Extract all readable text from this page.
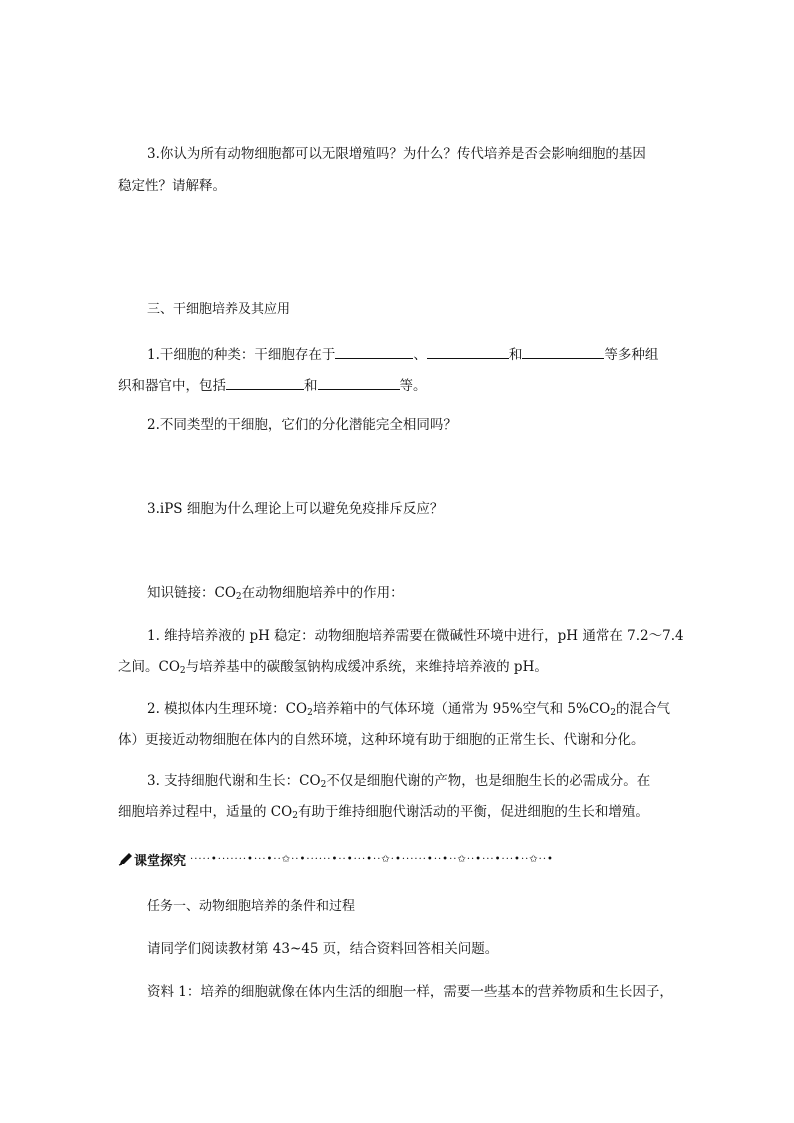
3.你认为所有动物细胞都可以无限增殖吗？为什么？传代培养是否会影响细胞的基因
稳定性？请解释。
三、干细胞培养及其应用
1.干细胞的种类：干细胞存在于	、	和	等多种组
织和器官中，包括	和	等。
2.不同类型的干细胞，它们的分化潜能完全相同吗？
3.iPS 细胞为什么理论上可以避免免疫排斥反应？
知识链接：$CO_2$在动物细胞培养中的作用：
1. 维持培养液的 pH 稳定：动物细胞培养需要在微碱性环境中进行，pH 通常在 7.2～7.4
之间。$CO_2$与培养基中的碳酸氢钠构成缓冲系统，来维持培养液的 pH。
2. 模拟体内生理环境：$CO_2$培养箱中的气体环境（通常为 95%空气和 $5\%CO_2$的混合气
体）更接近动物细胞在体内的自然环境，这种环境有助于细胞的正常生长、代谢和分化。
3. 支持细胞代谢和生长：$CO_2$不仅是细胞代谢的产物，也是细胞生长的必需成分。在
细胞培养过程中，适量的 $CO_2$有助于维持细胞代谢活动的平衡，促进细胞的生长和增殖。
课堂探究 ·····•·······•···•··✩··•······•··•···•··✩·•······•··•··✩··•···•···•··✩··•
任务一、动物细胞培养的条件和过程
请同学们阅读教材第 43~45 页，结合资料回答相关问题。
资料 1：培养的细胞就像在体内生活的细胞一样，需要一些基本的营养物质和生长因子，
